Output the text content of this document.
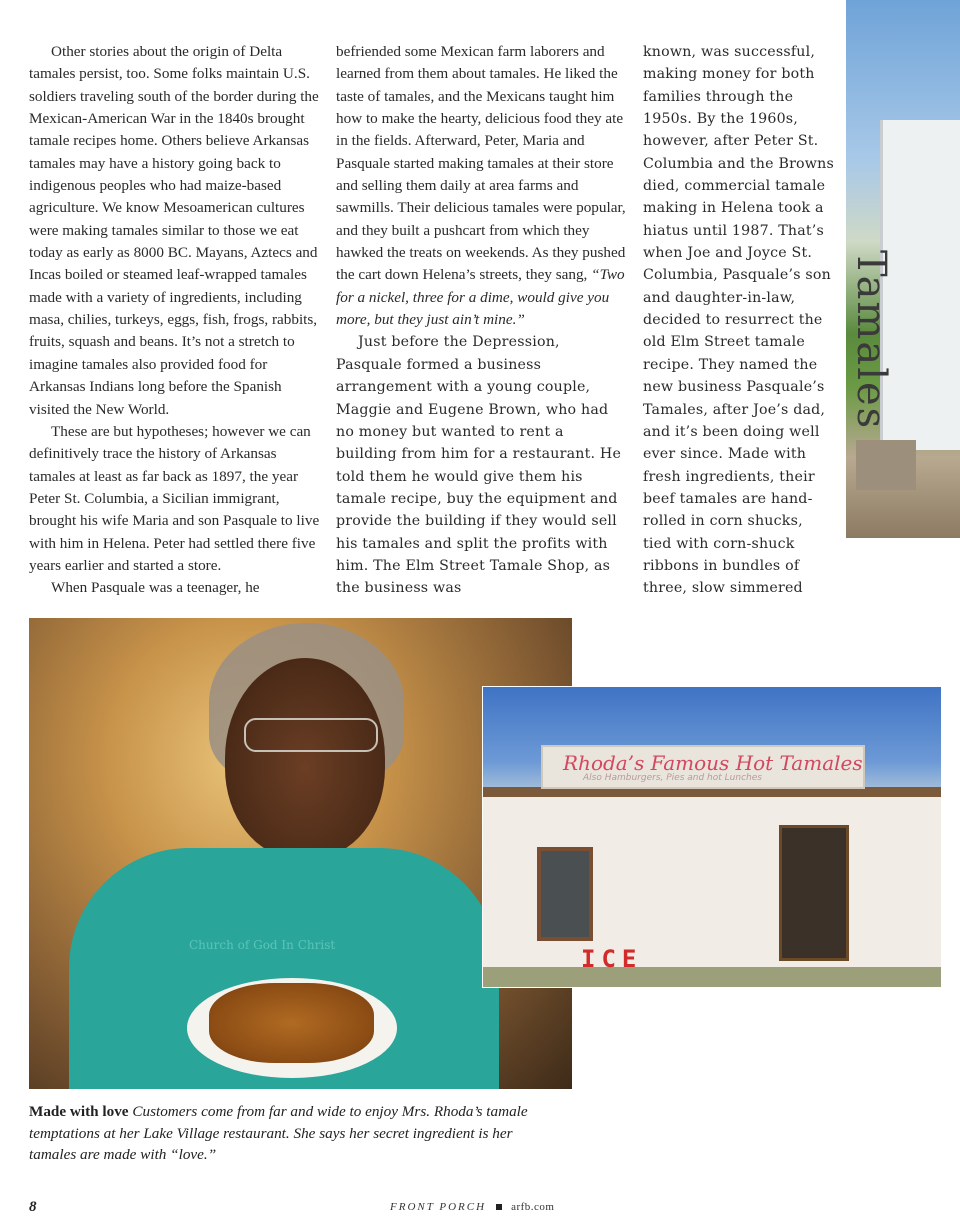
Other stories about the origin of Delta tamales persist, too. Some folks maintain U.S. soldiers traveling south of the border during the Mexican-American War in the 1840s brought tamale recipes home. Others believe Arkansas tamales may have a history going back to indigenous peoples who had maize-based agriculture. We know Mesoamerican cultures were making tamales similar to those we eat today as early as 8000 BC. Mayans, Aztecs and Incas boiled or steamed leaf-wrapped tamales made with a variety of ingredients, including masa, chilies, turkeys, eggs, fish, frogs, rabbits, fruits, squash and beans. It’s not a stretch to imagine tamales also provided food for Arkansas Indians long before the Spanish visited the New World.

These are but hypotheses; however we can definitively trace the history of Arkansas tamales at least as far back as 1897, the year Peter St. Columbia, a Sicilian immigrant, brought his wife Maria and son Pasquale to live with him in Helena. Peter had settled there five years earlier and started a store.

When Pasquale was a teenager, he

befriended some Mexican farm laborers and learned from them about tamales. He liked the taste of tamales, and the Mexicans taught him how to make the hearty, delicious food they ate in the fields. Afterward, Peter, Maria and Pasquale started making tamales at their store and selling them daily at area farms and sawmills. Their delicious tamales were popular, and they built a pushcart from which they hawked the treats on weekends. As they pushed the cart down Helena’s streets, they sang, “Two for a nickel, three for a dime, would give you more, but they just ain’t mine.”

Just before the Depression, Pasquale formed a business arrangement with a young couple, Maggie and Eugene Brown, who had no money but wanted to rent a building from him for a restaurant. He told them he would give them his tamale recipe, buy the equipment and provide the building if they would sell his tamales and split the profits with him. The Elm Street Tamale Shop, as the business was

known, was successful, making money for both families through the 1950s. By the 1960s, however, after Peter St. Columbia and the Browns died, commercial tamale making in Helena took a hiatus until 1987. That’s when Joe and Joyce St. Columbia, Pasquale’s son and daughter-in-law, decided to resurrect the old Elm Street tamale recipe. They named the new business Pasquale’s Tamales, after Joe’s dad, and it’s been doing well ever since. Made with fresh ingredients, their beef tamales are hand-rolled in corn shucks, tied with corn-shuck ribbons in bundles of three, slow simmered

Tamales
Church of God In Christ
Rhoda’s Famous Hot Tamales
Also Hamburgers, Pies and hot Lunches
ICE
Made with love Customers come from far and wide to enjoy Mrs. Rhoda’s tamale temptations at her Lake Village restaurant. She says her secret ingredient is her tamales are made with “love.”
8	FRONT PORCH arfb.com
